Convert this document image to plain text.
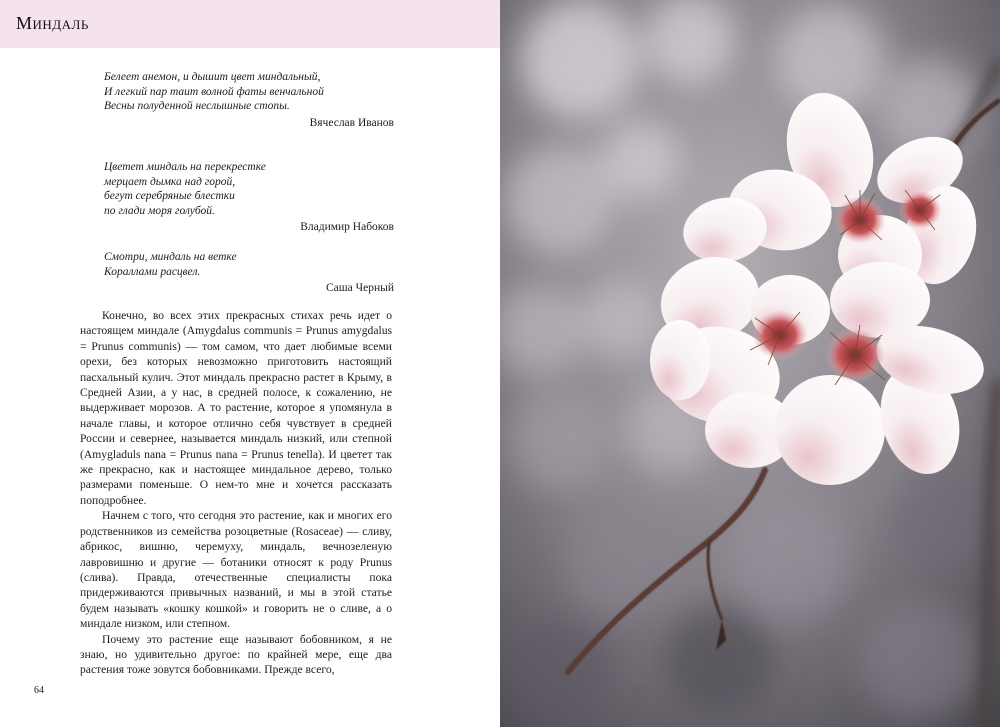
Миндаль
Белеет анемон, и дышит цвет миндальный,
И легкий пар таит волной фаты венчальной
Весны полуденной неслышные стопы.
Вячеслав Иванов
Цветет миндаль на перекрестке
мерцает дымка над горой,
бегут серебряные блестки
по глади моря голубой.
Владимир Набоков
Смотри, миндаль на ветке
Кораллами расцвел.
Саша Черный

Конечно, во всех этих прекрасных стихах речь идет о настоящем миндале (Amygdalus communis = Prunus amygdalus = Prunus communis) — том самом, что дает любимые всеми орехи, без которых невозможно приготовить настоящий пасхальный кулич. Этот миндаль прекрасно растет в Крыму, в Средней Азии, а у нас, в средней полосе, к сожалению, не выдерживает морозов. А то растение, которое я упомянула в начале главы, и которое отлично себя чувствует в средней России и севернее, называется миндаль низкий, или степной (Amygladuls nana = Prunus nana = Prunus tenella). И цветет так же прекрасно, как и настоящее миндальное дерево, только размерами поменьше. О нем-то мне и хочется рассказать поподробнее.

Начнем с того, что сегодня это растение, как и многих его родственников из семейства розоцветные (Rosaceae) — сливу, абрикос, вишню, черемуху, миндаль, вечнозеленую лавровишню и другие — ботаники относят к роду Prunus (слива). Правда, отечественные специалисты пока придерживаются привычных названий, и мы в этой статье будем называть «кошку кошкой» и говорить не о сливе, а о миндале низком, или степном.

Почему это растение еще называют бобовником, я не знаю, но удивительно другое: по крайней мере, еще два растения тоже зовутся бобовниками. Прежде всего,

64
